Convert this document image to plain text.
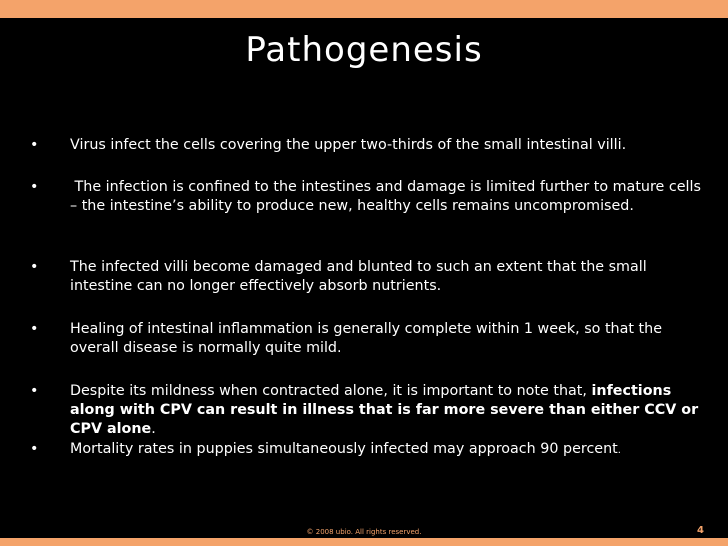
Pathogenesis
•	Virus infect the cells covering the upper two-thirds of the small intestinal villi.
•	The infection is confined to the intestines and damage is limited further to mature cells – the intestine’s ability to produce new, healthy cells remains uncompromised.
•	The infected villi become damaged and blunted to such an extent that the small intestine can no longer effectively absorb nutrients.
•	Healing of intestinal inflammation is generally complete within 1 week, so that the overall disease is normally quite mild.
•	Despite its mildness when contracted alone, it is important to note that, infections along with CPV can result in illness that is far more severe than either CCV or CPV alone.
•	Mortality rates in puppies simultaneously infected may approach 90 percent.
© 2008 ubio. All rights reserved.	4
